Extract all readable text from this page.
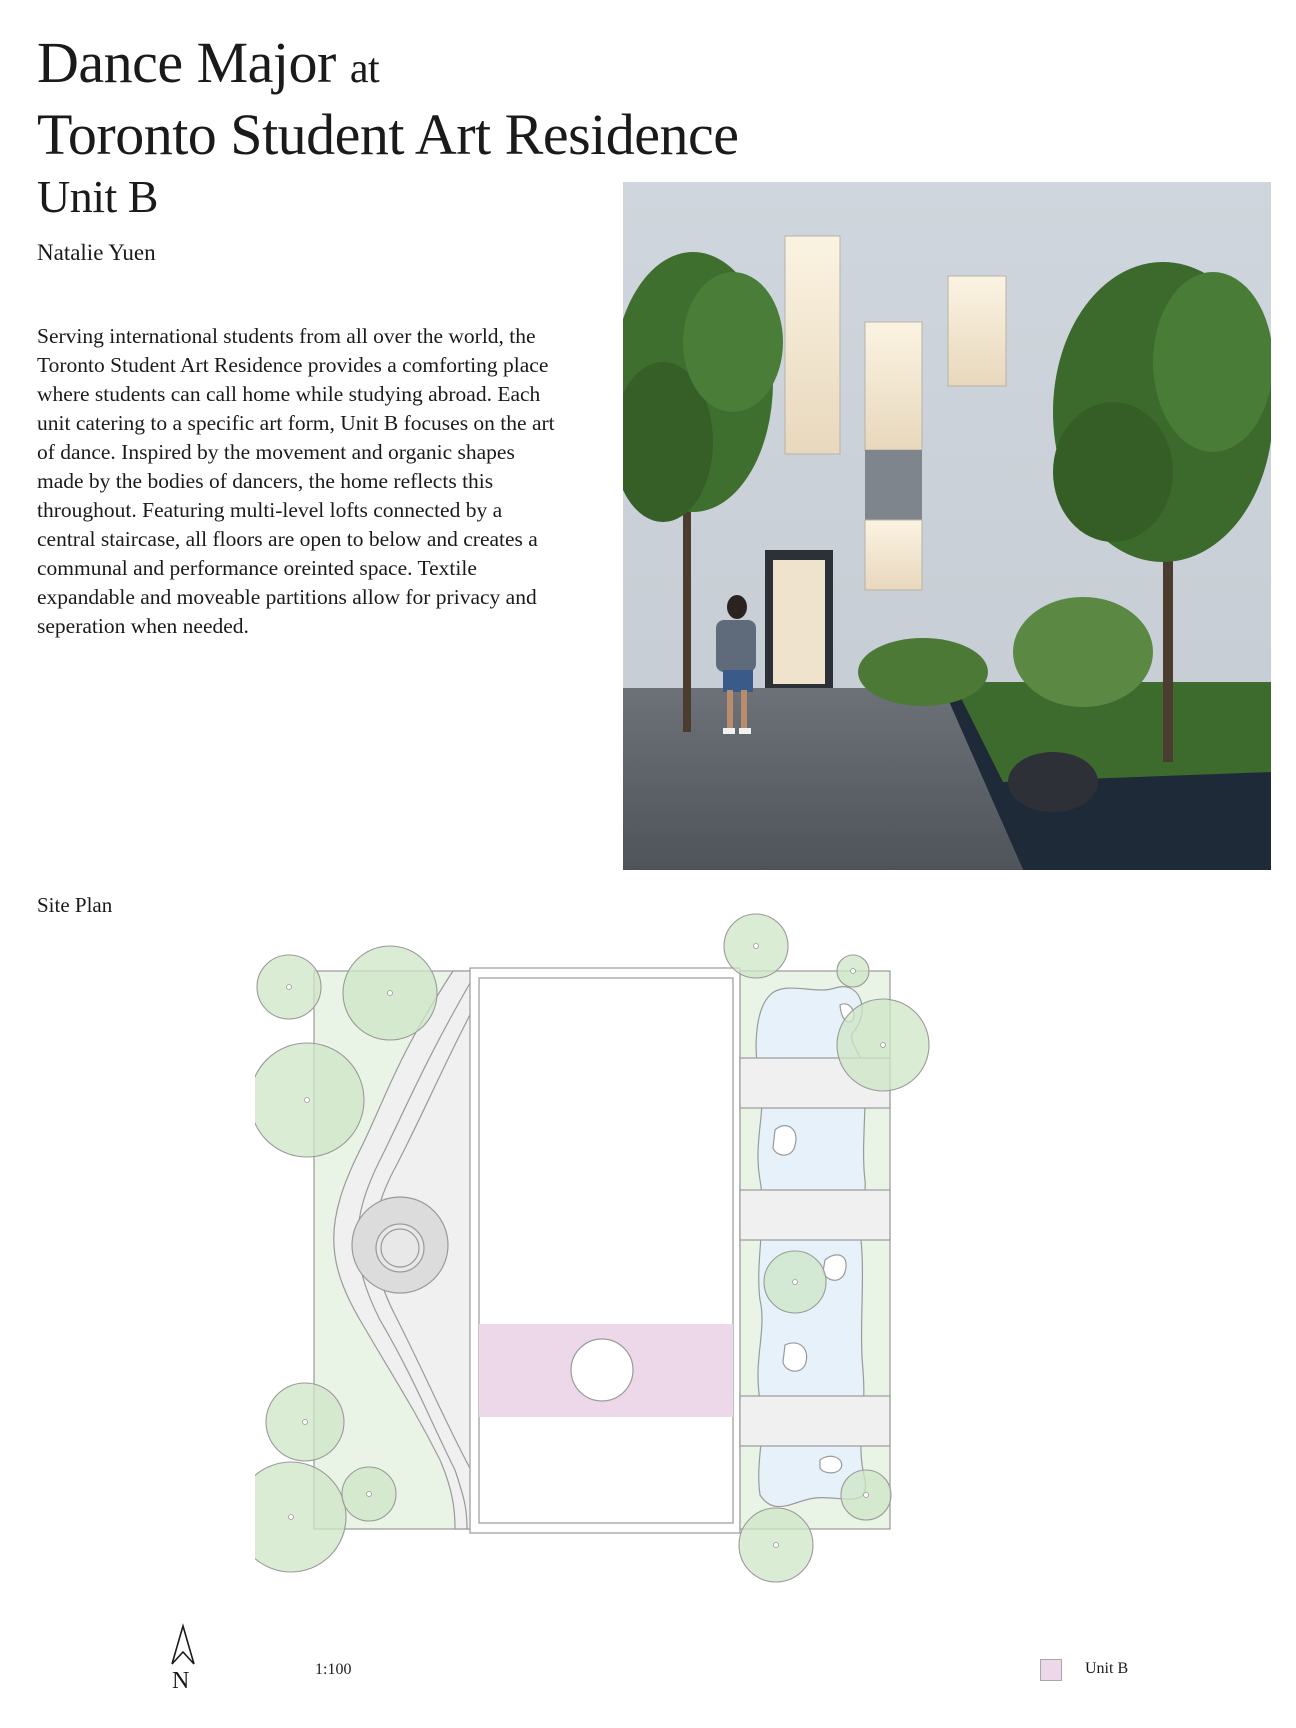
Dance Major at
Toronto Student Art Residence
Unit B

Natalie Yuen

Serving international students from all over the world, the Toronto Student Art Residence provides a comforting place where students can call home while studying abroad. Each unit catering to a specific art form, Unit B focuses on the art of dance. Inspired by the movement and organic shapes made by the bodies of dancers, the home reflects this throughout. Featuring multi-level lofts connected by a central staircase, all floors are open to below and creates a communal and performance oreinted space. Textile expandable and moveable partitions allow for privacy and seperation when needed.

Site Plan

N	1:100	Unit B
